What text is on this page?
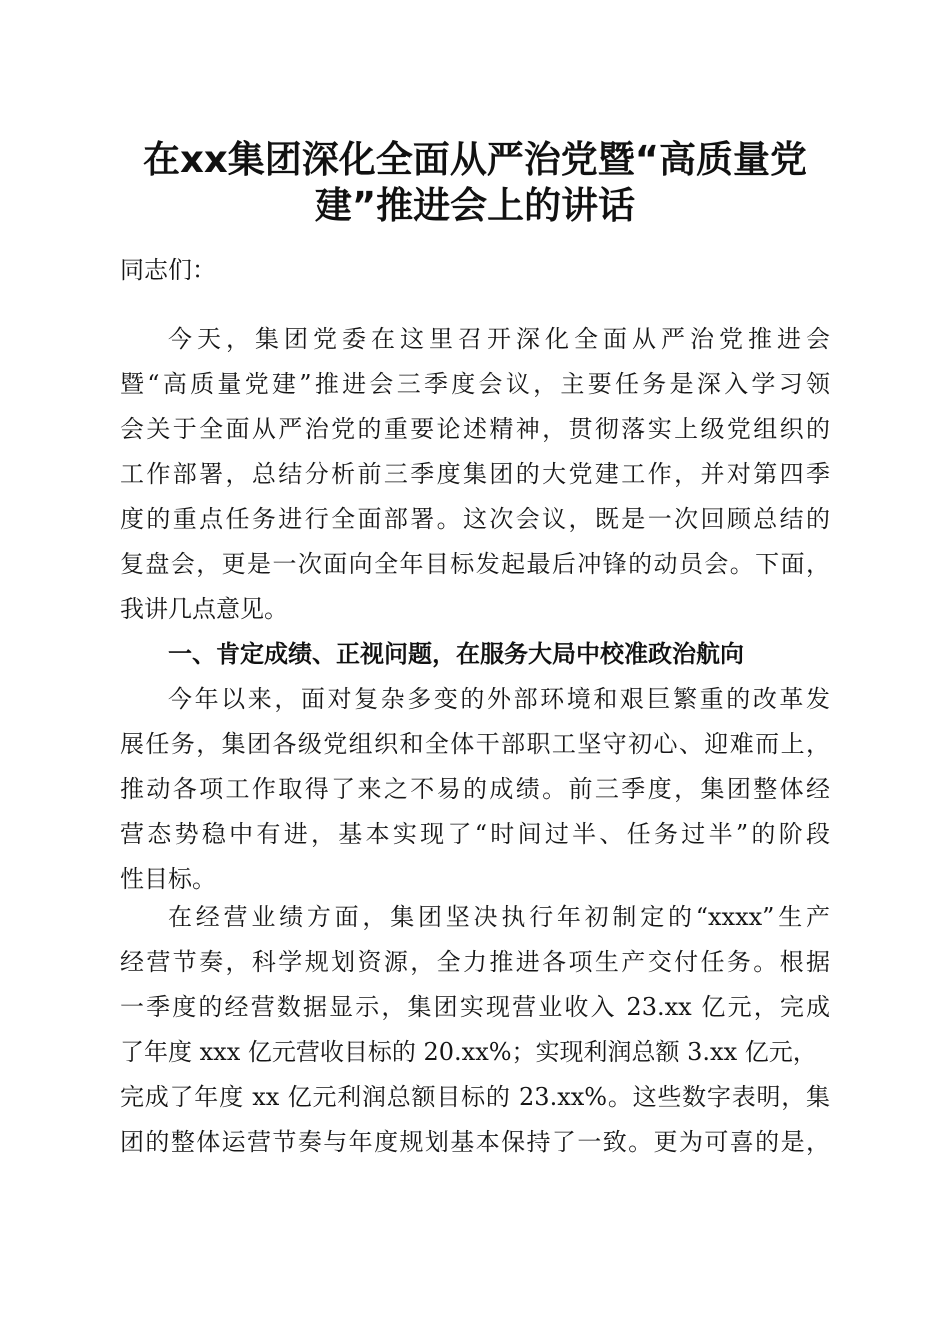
在xx集团深化全面从严治党暨“高质量党
建”推进会上的讲话
同志们：
今天，集团党委在这里召开深化全面从严治党推进会
暨“高质量党建”推进会三季度会议，主要任务是深入学习领
会关于全面从严治党的重要论述精神，贯彻落实上级党组织的
工作部署，总结分析前三季度集团的大党建工作，并对第四季
度的重点任务进行全面部署。这次会议，既是一次回顾总结的
复盘会，更是一次面向全年目标发起最后冲锋的动员会。下面，
我讲几点意见。
一、肯定成绩、正视问题，在服务大局中校准政治航向
今年以来，面对复杂多变的外部环境和艰巨繁重的改革发
展任务，集团各级党组织和全体干部职工坚守初心、迎难而上，
推动各项工作取得了来之不易的成绩。前三季度，集团整体经
营态势稳中有进，基本实现了“时间过半、任务过半”的阶段
性目标。
在经营业绩方面，集团坚决执行年初制定的“xxxx”生产
经营节奏，科学规划资源，全力推进各项生产交付任务。根据
一季度的经营数据显示，集团实现营业收入 23.xx 亿元，完成
了年度 xxx 亿元营收目标的 20.xx%；实现利润总额 3.xx 亿元，
完成了年度 xx 亿元利润总额目标的 23.xx%。这些数字表明，集
团的整体运营节奏与年度规划基本保持了一致。更为可喜的是，
